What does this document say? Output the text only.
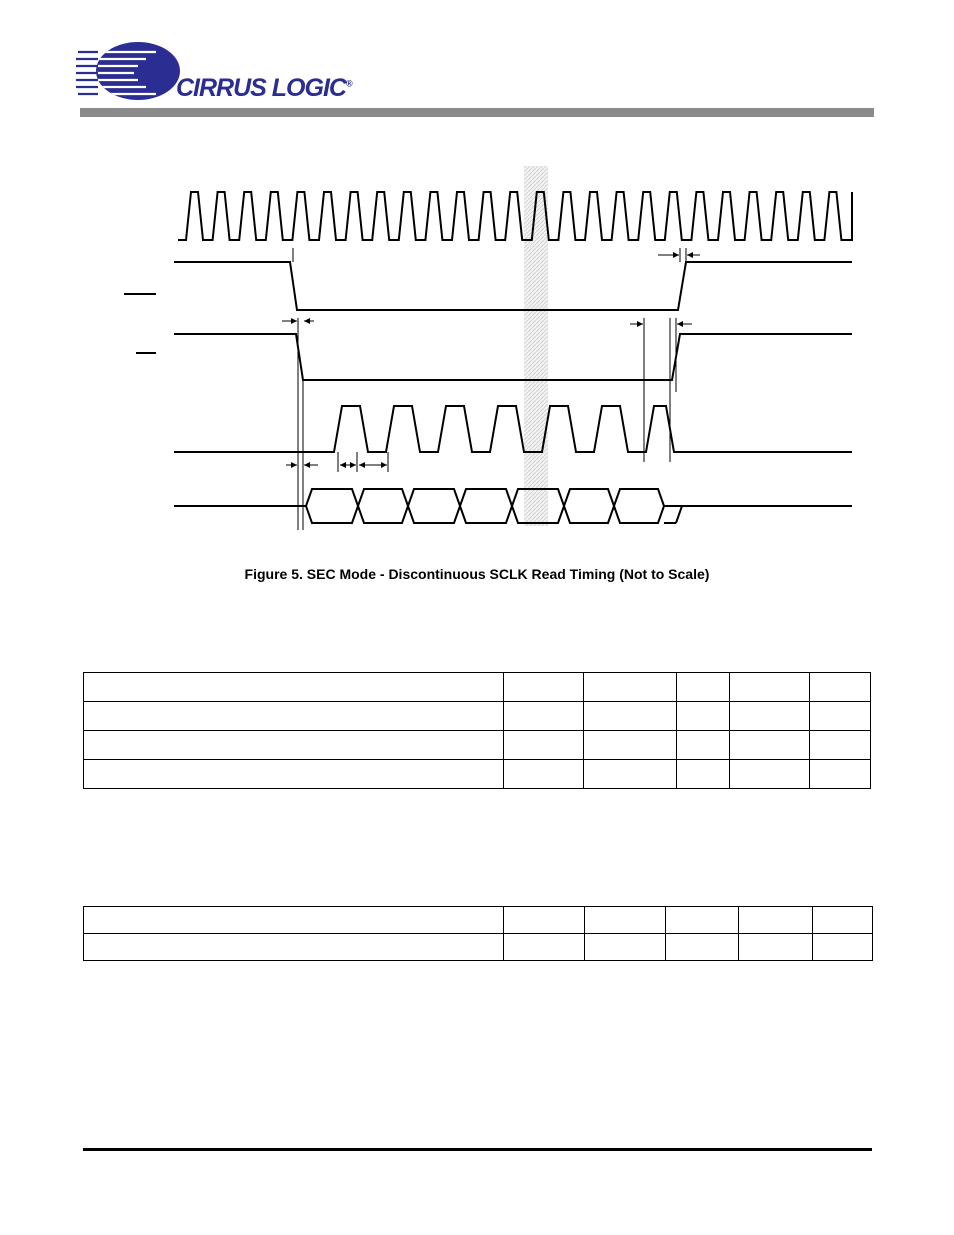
CIRRUS LOGIC®
Figure 5. SEC Mode - Discontinuous SCLK Read Timing (Not to Scale)
